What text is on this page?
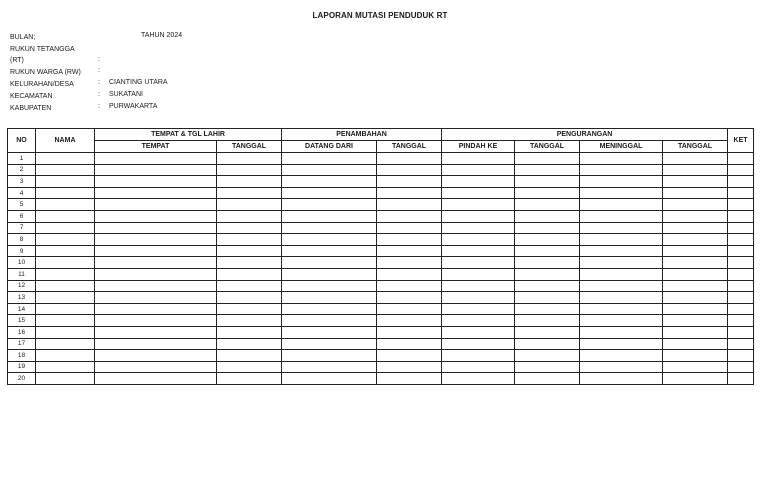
LAPORAN MUTASI PENDUDUK RT
TAHUN 2024
BULAN;
RUKUN TETANGGA
(RT)	:
RUKUN WARGA (RW)	:
KELURAHAN/DESA	: CIANTING UTARA
KECAMATAN	: SUKATANI
KABUPATEN	: PURWAKARTA
NO	NAMA	TEMPAT & TGL LAHIR		PENAMBAHAN		PENGURANGAN				KET
		TEMPAT	TANGGAL	DATANG DARI	TANGGAL	PINDAH KE	TANGGAL	MENINGGAL	TANGGAL	
1										
2										
3										
4										
5										
6										
7										
8										
9										
10										
11										
12										
13										
14										
15										
16										
17										
18										
19										
20										
